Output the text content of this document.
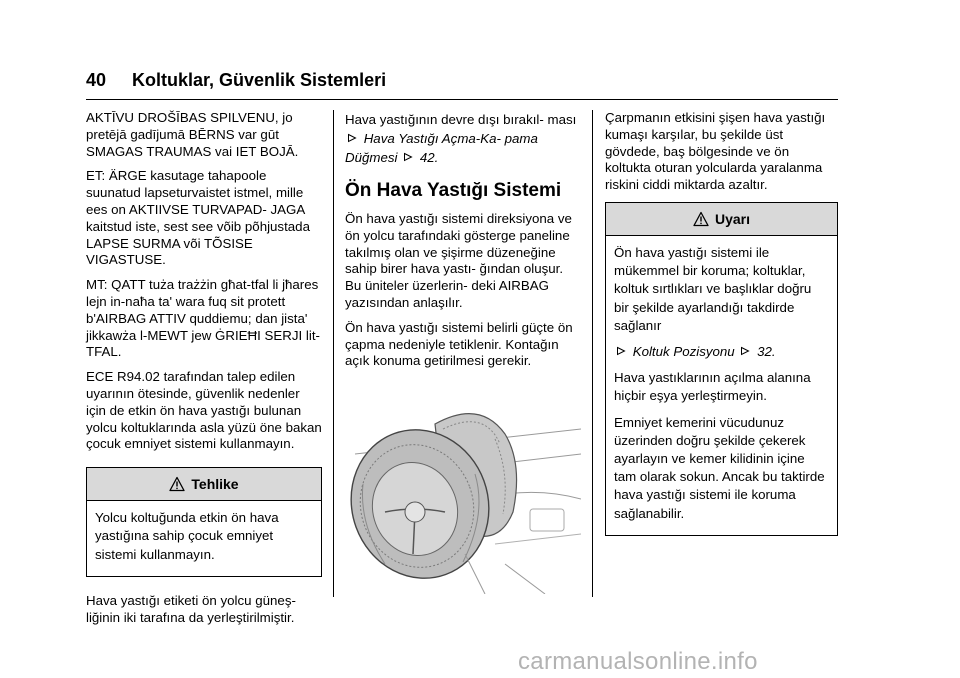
40 Koltuklar, Güvenlik Sistemleri

AKTĪVU DROŠĪBAS SPILVENU, jo pretējā gadījumā BĒRNS var gūt SMAGAS TRAUMAS vai IET BOJĀ.

ET: ÄRGE kasutage tahapoole suunatud lapseturvaistet istmel, mille ees on AKTIIVSE TURVAPAD- JAGA kaitstud iste, sest see võib põhjustada LAPSE SURMA või TÕSISE VIGASTUSE.

MT: QATT tuża trażżin għat-tfal li jħares lejn in-naħa ta' wara fuq sit protett b'AIRBAG ATTIV quddiemu; dan jista' jikkawża l-MEWT jew ĠRIEĦI SERJI lit-TFAL.

ECE R94.02 tarafından talep edilen uyarının ötesinde, güvenlik nedenler için de etkin ön hava yastığı bulunan yolcu koltuklarında asla yüzü öne bakan çocuk emniyet sistemi kullanmayın.

Tehlike

Yolcu koltuğunda etkin ön hava yastığına sahip çocuk emniyet sistemi kullanmayın.

Hava yastığı etiketi ön yolcu güneş- liğinin iki tarafına da yerleştirilmiştir.

Hava yastığının devre dışı bırakıl- ması  Hava Yastığı Açma-Ka- pama Düğmesi 42.

Ön Hava Yastığı Sistemi

Ön hava yastığı sistemi direksiyona ve ön yolcu tarafındaki gösterge paneline takılmış olan ve şişirme düzeneğine sahip birer hava yastı- ğından oluşur. Bu üniteler üzerlerin- deki AIRBAG yazısından anlaşılır.

Ön hava yastığı sistemi belirli güçte ön çapma nedeniyle tetiklenir. Kontağın açık konuma getirilmesi gerekir.

Çarpmanın etkisini şişen hava yastığı kumaşı karşılar, bu şekilde üst gövdede, baş bölgesinde ve ön koltukta oturan yolcularda yaralanma riskini ciddi miktarda azaltır.

Uyarı

Ön hava yastığı sistemi ile mükemmel bir koruma; koltuklar, koltuk sırtlıkları ve başlıklar doğru bir şekilde ayarlandığı takdirde sağlanır

Koltuk Pozisyonu 32.

Hava yastıklarının açılma alanına hiçbir eşya yerleştirmeyin.

Emniyet kemerini vücudunuz üzerinden doğru şekilde çekerek ayarlayın ve kemer kilidinin içine tam olarak sokun. Ancak bu taktirde hava yastığı sistemi ile koruma sağlanabilir.

carmanualsonline.info
